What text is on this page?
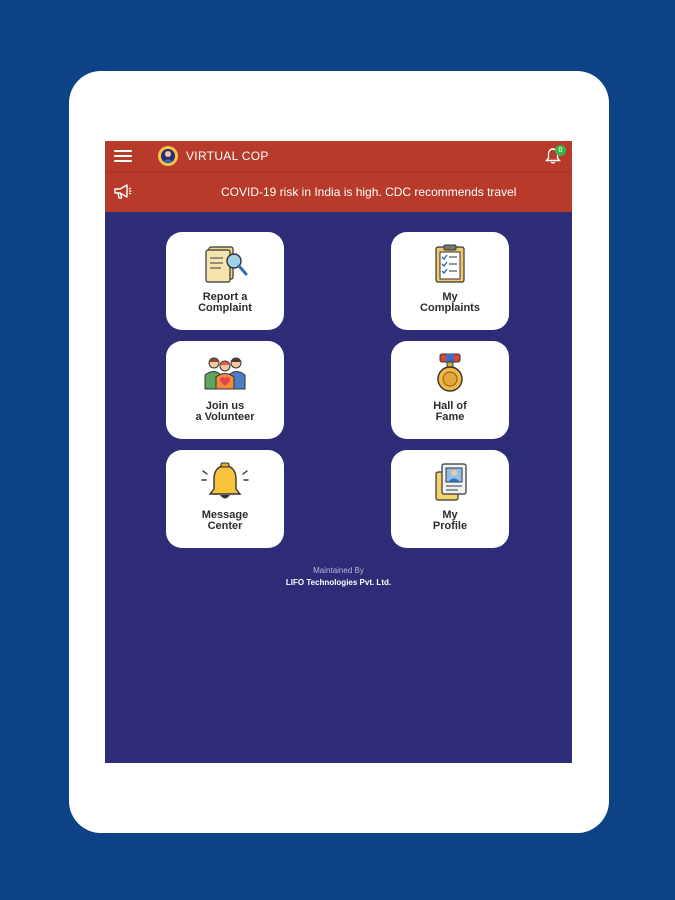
VIRTUAL COP	0
COVID-19 risk in India is high. CDC recommends travel
Report a
Complaint
My
Complaints
Join us
a Volunteer
Hall of
Fame
Message
Center
My
Profile
Maintained By
LIFO Technologies Pvt. Ltd.
